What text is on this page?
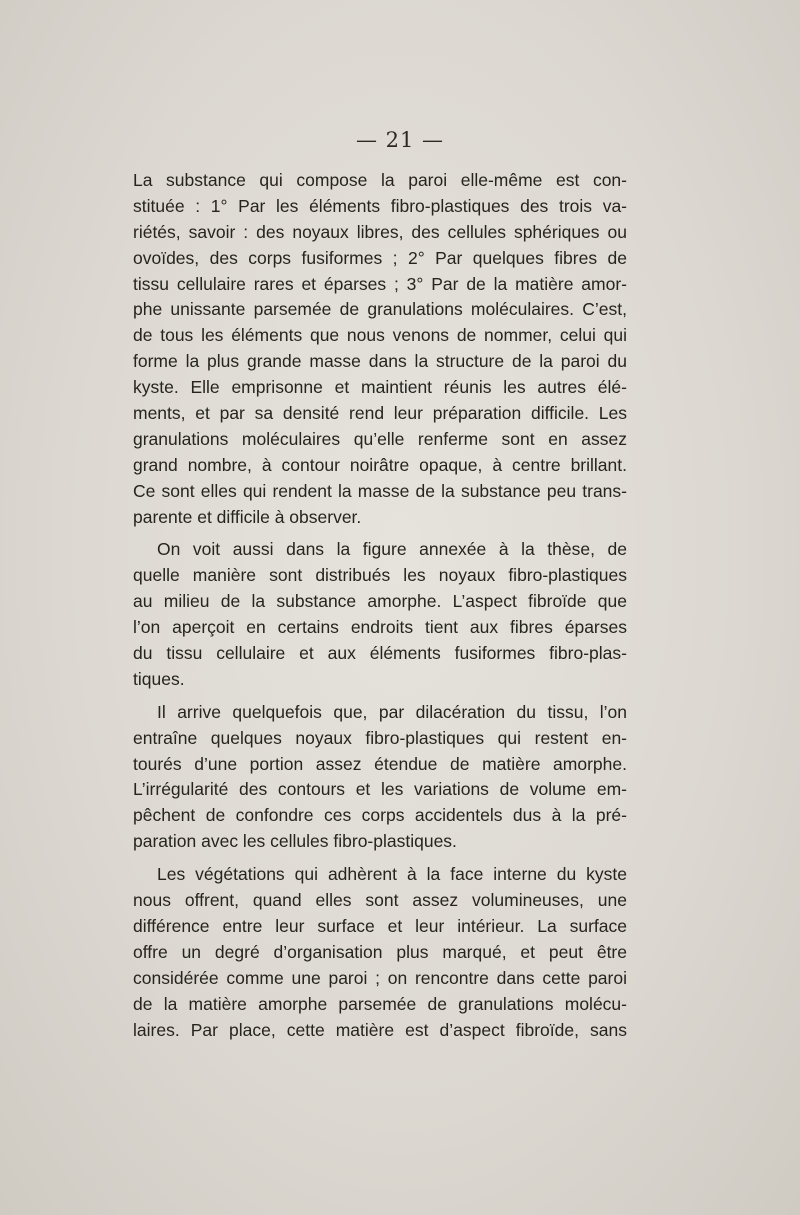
— 21 —
La substance qui compose la paroi elle-même est con-
stituée : 1° Par les éléments fibro-plastiques des trois va-
riétés, savoir : des noyaux libres, des cellules sphériques ou
ovoïdes, des corps fusiformes ; 2° Par quelques fibres de
tissu cellulaire rares et éparses ; 3° Par de la matière amor-
phe unissante parsemée de granulations moléculaires. C’est,
de tous les éléments que nous venons de nommer, celui qui
forme la plus grande masse dans la structure de la paroi du
kyste. Elle emprisonne et maintient réunis les autres élé-
ments, et par sa densité rend leur préparation difficile. Les
granulations moléculaires qu’elle renferme sont en assez
grand nombre, à contour noirâtre opaque, à centre brillant.
Ce sont elles qui rendent la masse de la substance peu trans-
parente et difficile à observer.
On voit aussi dans la figure annexée à la thèse, de
quelle manière sont distribués les noyaux fibro-plastiques
au milieu de la substance amorphe. L’aspect fibroïde que
l’on aperçoit en certains endroits tient aux fibres éparses
du tissu cellulaire et aux éléments fusiformes fibro-plas-
tiques.
Il arrive quelquefois que, par dilacération du tissu, l’on
entraîne quelques noyaux fibro-plastiques qui restent en-
tourés d’une portion assez étendue de matière amorphe.
L’irrégularité des contours et les variations de volume em-
pêchent de confondre ces corps accidentels dus à la pré-
paration avec les cellules fibro-plastiques.
Les végétations qui adhèrent à la face interne du kyste
nous offrent, quand elles sont assez volumineuses, une
différence entre leur surface et leur intérieur. La surface
offre un degré d’organisation plus marqué, et peut être
considérée comme une paroi ; on rencontre dans cette paroi
de la matière amorphe parsemée de granulations molécu-
laires. Par place, cette matière est d’aspect fibroïde, sans
